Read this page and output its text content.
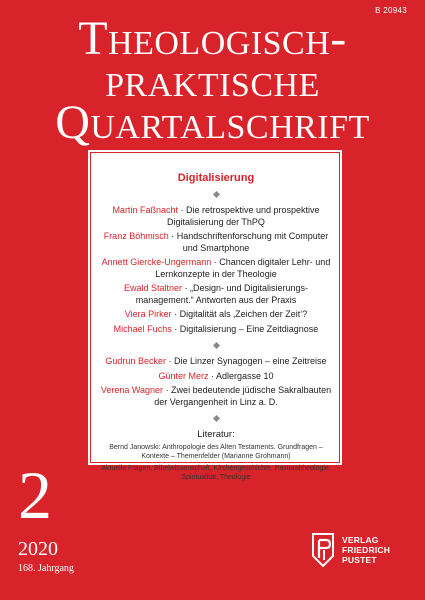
B 20943
Theologisch-
praktische
Quartalschrift
Digitalisierung
Martin Faßnacht · Die retrospektive und prospektive Digitalisierung der ThPQ
Franz Böhmisch · Handschriftenforschung mit Computer und Smartphone
Annett Giercke-Ungermann · Chancen digitaler Lehr- und Lernkonzepte in der Theologie
Ewald Staltner · „Design- und Digitalisierungs-management.“ Antworten aus der Praxis
Viera Pirker · Digitalität als ‚Zeichen der Zeit‘?
Michael Fuchs · Digitalisierung – Eine Zeitdiagnose
Gudrun Becker · Die Linzer Synagogen – eine Zeitreise
Günter Merz · Adlergasse 10
Verena Wagner · Zwei bedeutende jüdische Sakralbauten der Vergangenheit in Linz a. D.
Literatur:
Bernd Janowski: Anthropologie des Alten Testaments. Grundfragen – Kontexte – Themenfelder (Marianne Grohmann)
Aktuelle Fragen, Bibelwissenschaft, Kirchengeschichte, Pastoraltheologie, Spiritualität, Theologie
2
2020
168. Jahrgang
VERLAG
FRIEDRICH
PUSTET
